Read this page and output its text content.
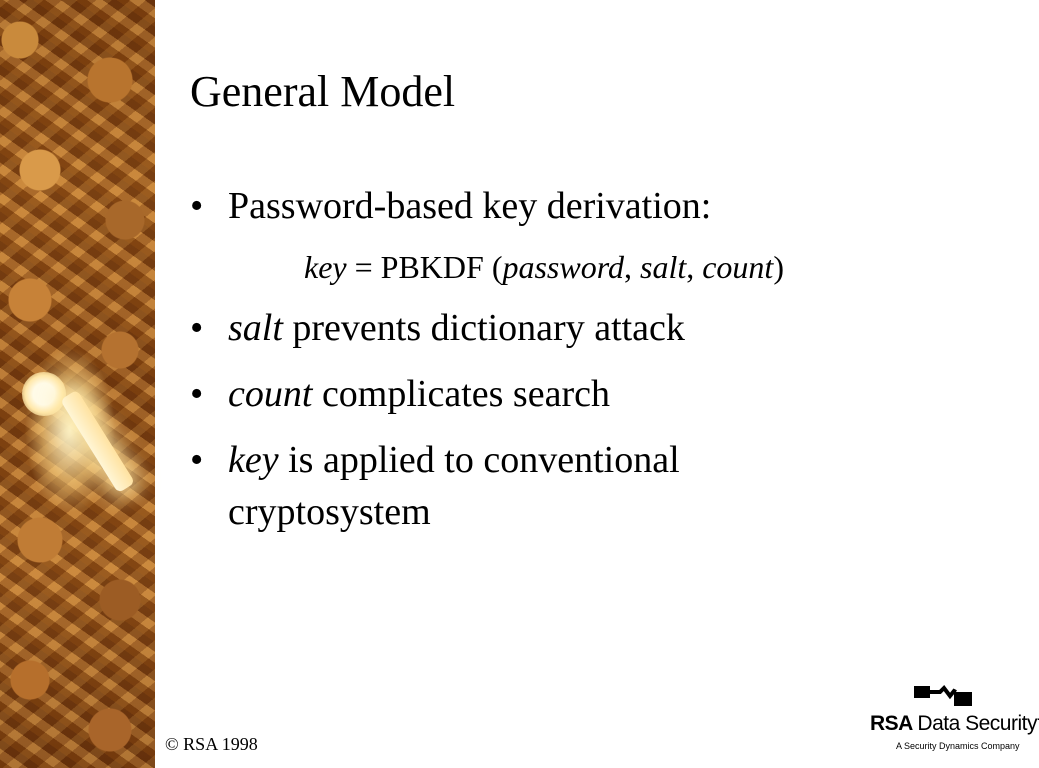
General Model
• Password-based key derivation:
• salt prevents dictionary attack
• count complicates search
• key is applied to conventional cryptosystem
key = PBKDF (password, salt, count)
© RSA 1998
RSA Data Security
A Security Dynamics Company
